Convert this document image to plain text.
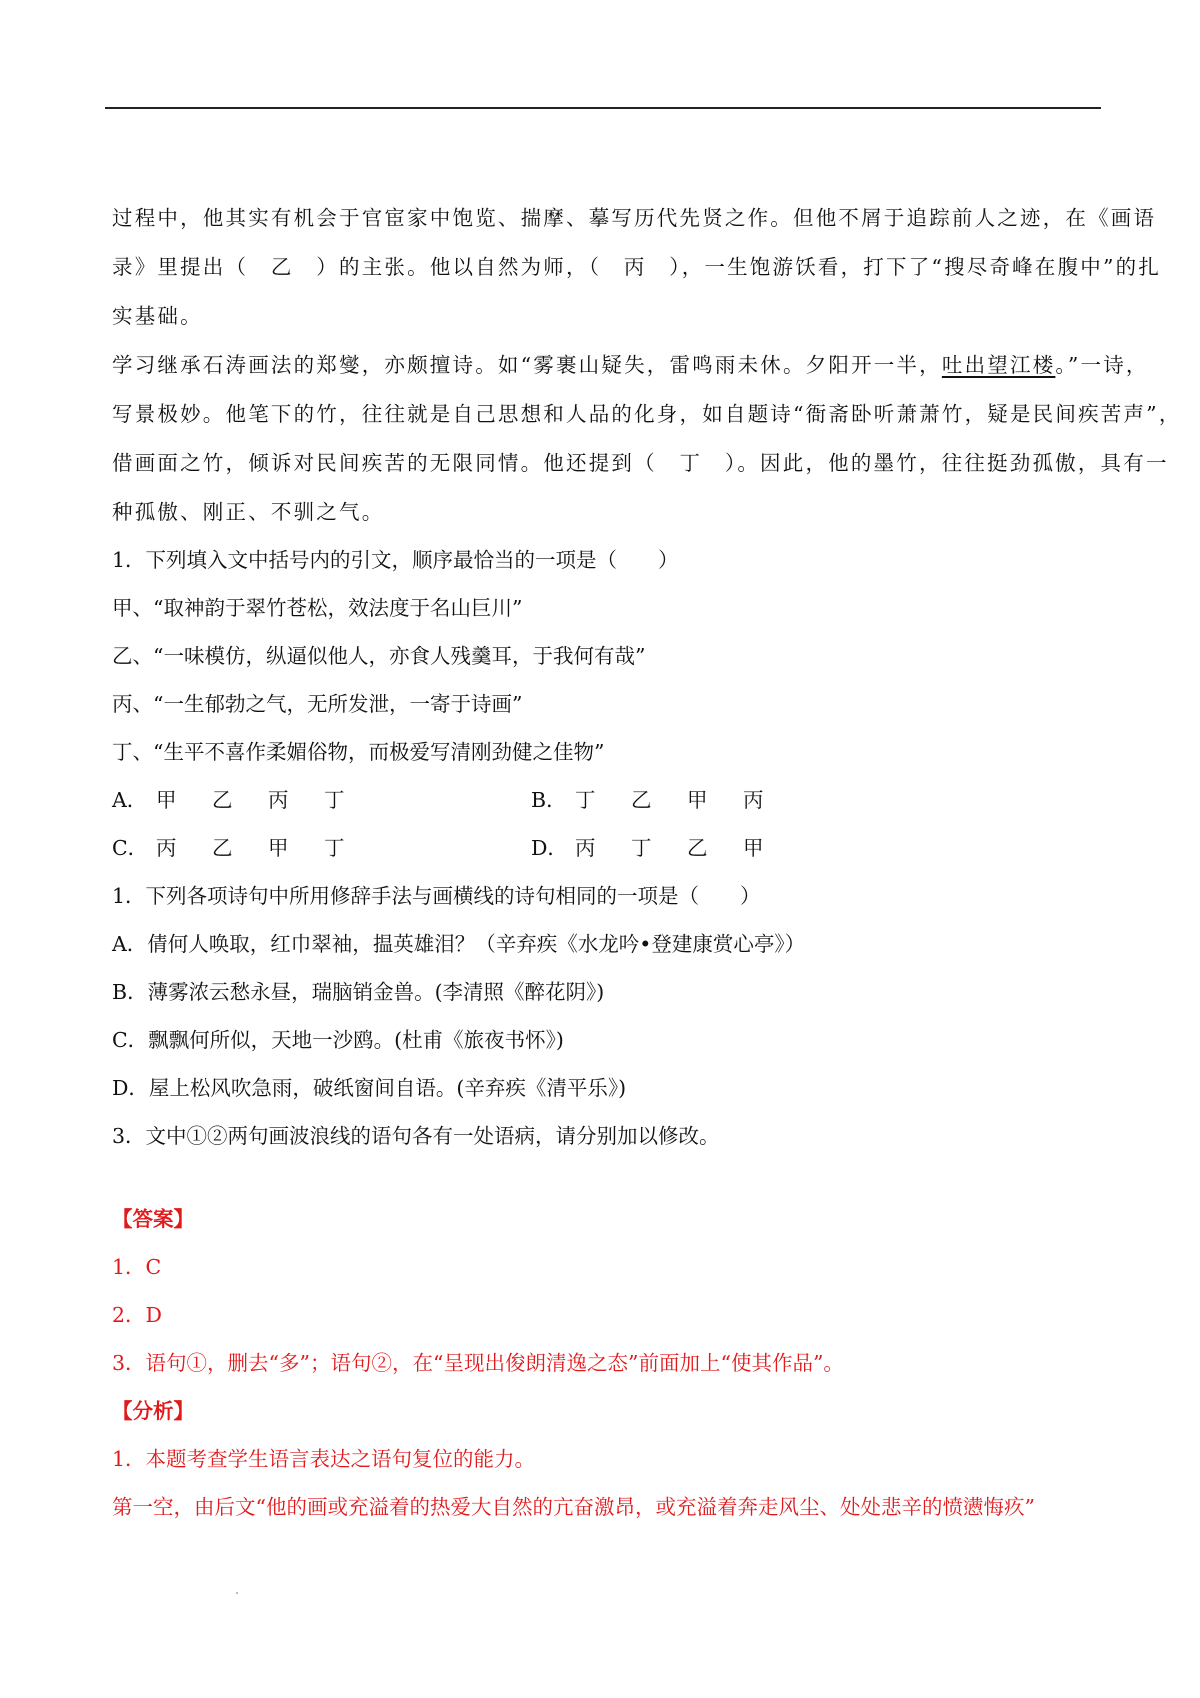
过程中，他其实有机会于官宦家中饱览、揣摩、摹写历代先贤之作。但他不屑于追踪前人之迹，在《画语
录》里提出（　乙　）的主张。他以自然为师，（　丙　），一生饱游饫看，打下了“搜尽奇峰在腹中”的扎
实基础。
学习继承石涛画法的郑燮，亦颇擅诗。如“雾裹山疑失，雷鸣雨未休。夕阳开一半，吐出望江楼。”一诗，
写景极妙。他笔下的竹，往往就是自己思想和人品的化身，如自题诗“衙斋卧听萧萧竹，疑是民间疾苦声”，
借画面之竹，倾诉对民间疾苦的无限同情。他还提到（　丁　）。因此，他的墨竹，往往挺劲孤傲，具有一
种孤傲、刚正、不驯之气。
1．下列填入文中括号内的引文，顺序最恰当的一项是（　　）
甲、“取神韵于翠竹苍松，效法度于名山巨川”
乙、“一味模仿，纵逼似他人，亦食人残羹耳，于我何有哉”
丙、“一生郁勃之气，无所发泄，一寄于诗画”
丁、“生平不喜作柔媚俗物，而极爱写清刚劲健之佳物”
A． 甲 乙 丙 丁	B． 丁 乙 甲 丙
C． 丙 乙 甲 丁	D． 丙 丁 乙 甲
1．下列各项诗句中所用修辞手法与画横线的诗句相同的一项是（　　）
A．倩何人唤取，红巾翠袖，揾英雄泪？（辛弃疾《水龙吟•登建康赏心亭》）
B．薄雾浓云愁永昼，瑞脑销金兽。(李清照《醉花阴》)
C．飘飘何所似，天地一沙鸥。(杜甫《旅夜书怀》)
D．屋上松风吹急雨，破纸窗间自语。(辛弃疾《清平乐》)
3．文中①②两句画波浪线的语句各有一处语病，请分别加以修改。
【答案】
1．C
2．D
3．语句①，删去“多”；语句②，在“呈现出俊朗清逸之态”前面加上“使其作品”。
【分析】
1．本题考查学生语言表达之语句复位的能力。
第一空，由后文“他的画或充溢着的热爱大自然的亢奋激昂，或充溢着奔走风尘、处处悲辛的愤懑悔疚”
